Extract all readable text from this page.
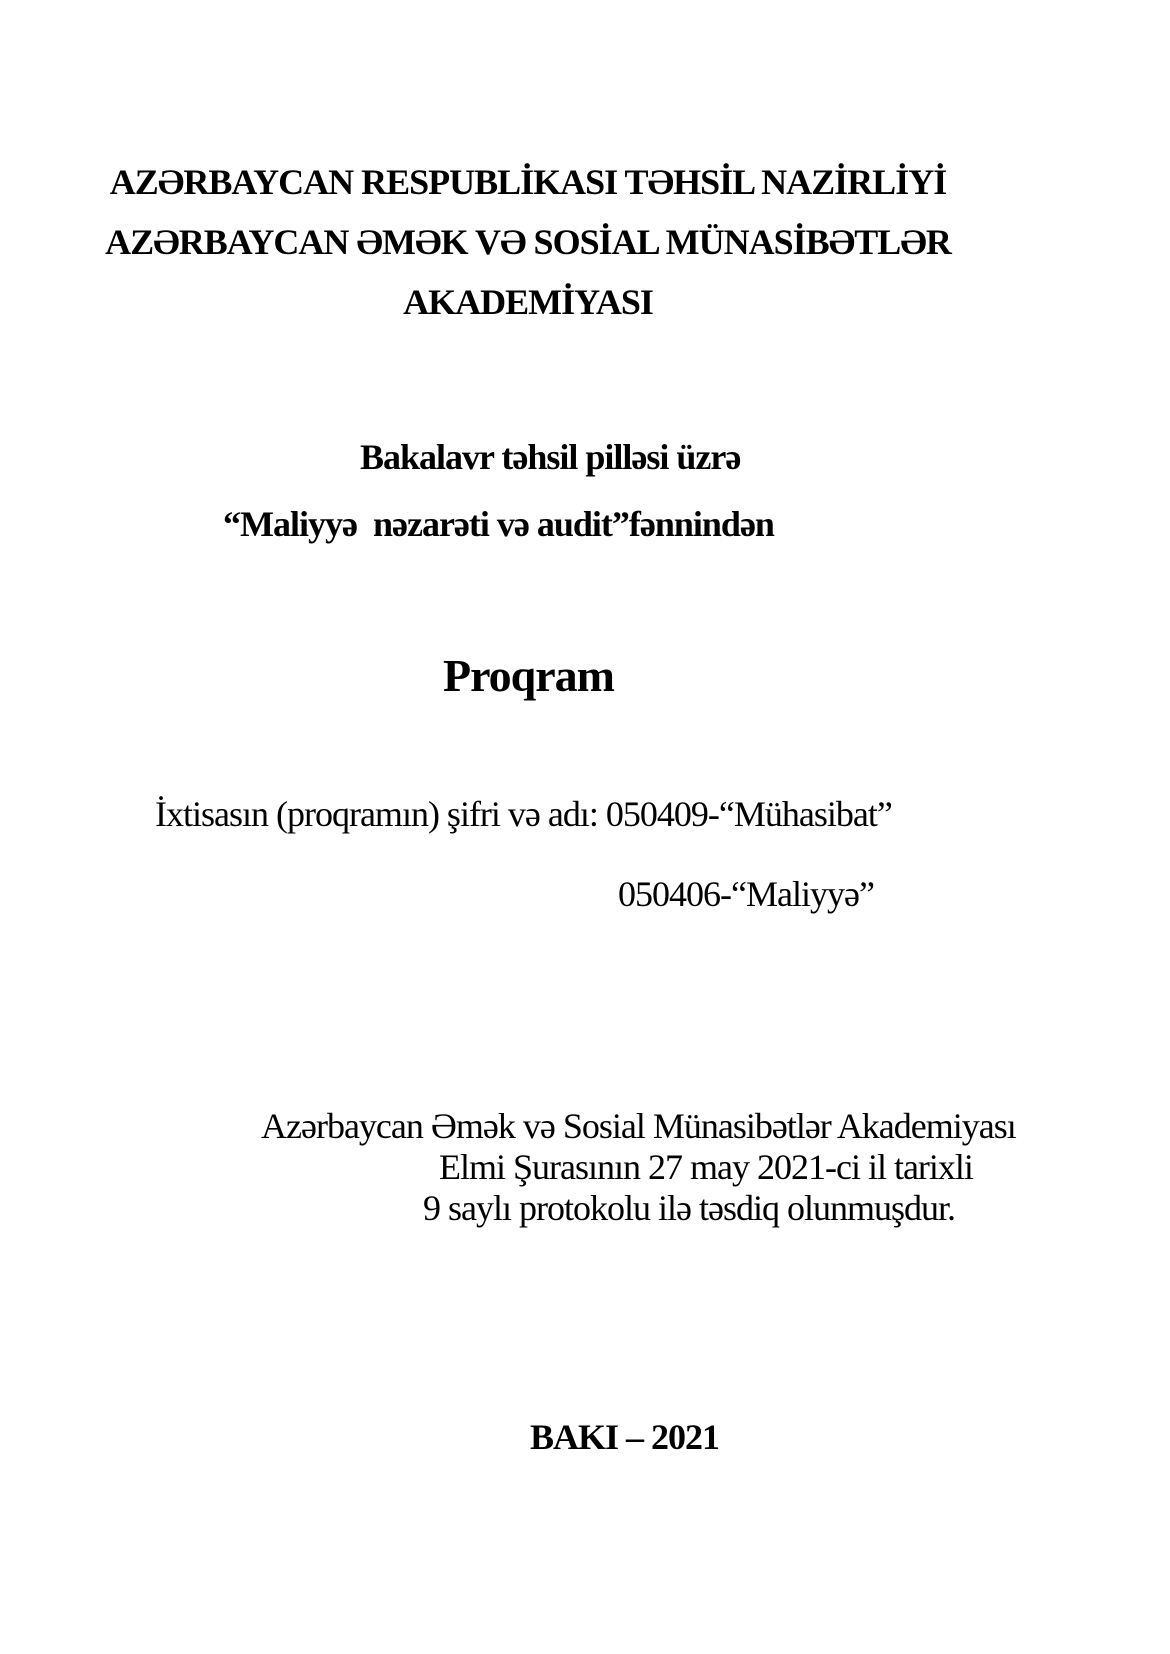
AZƏRBAYCAN RESPUBLİKASI TƏHSİL NAZİRLİYİ
AZƏRBAYCAN ƏMƏK VƏ SOSİAL MÜNASİBƏTLƏR
AKADEMİYASI
Bakalavr təhsil pilləsi üzrə
“Maliyyə  nəzarəti və audit”fənnindən
Proqram
İxtisasın (proqramın) şifri və adı: 050409-“Mühasibat”
050406-“Maliyyə”
Azərbaycan Əmək və Sosial Münasibətlər Akademiyası
Elmi Şurasının 27 may 2021-ci il tarixli
9 saylı protokolu ilə təsdiq olunmuşdur.
BAKI – 2021
